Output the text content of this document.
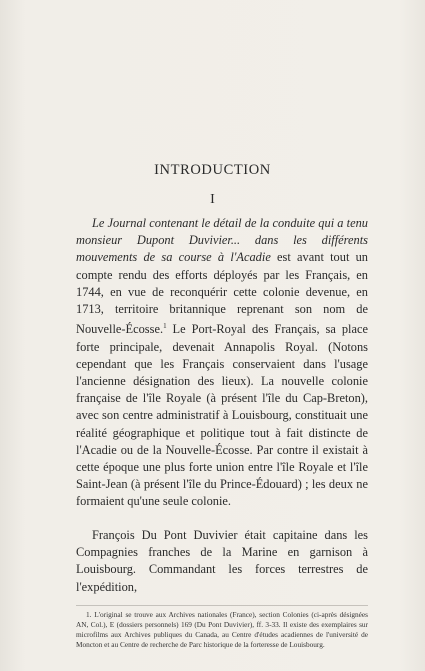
INTRODUCTION
I

Le Journal contenant le détail de la conduite qui a tenu monsieur Dupont Duvivier... dans les différents mouvements de sa course à l'Acadie est avant tout un compte rendu des efforts déployés par les Français, en 1744, en vue de reconquérir cette colonie devenue, en 1713, territoire britannique reprenant son nom de Nouvelle-Écosse.$^1$ Le Port-Royal des Français, sa place forte principale, devenait Annapolis Royal. (Notons cependant que les Français conservaient dans l'usage l'ancienne désignation des lieux). La nouvelle colonie française de l'île Royale (à présent l'île du Cap-Breton), avec son centre administratif à Louisbourg, constituait une réalité géographique et politique tout à fait distincte de l'Acadie ou de la Nouvelle-Écosse. Par contre il existait à cette époque une plus forte union entre l'île Royale et l'île Saint-Jean (à présent l'île du Prince-Édouard) ; les deux ne formaient qu'une seule colonie.

François Du Pont Duvivier était capitaine dans les Compagnies franches de la Marine en garnison à Louisbourg. Commandant les forces terrestres de l'expédition,

1. L'original se trouve aux Archives nationales (France), section Colonies (ci-après désignées AN, Col.), E (dossiers personnels) 169 (Du Pont Duvivier), ff. 3-33. Il existe des exemplaires sur microfilms aux Archives publiques du Canada, au Centre d'études acadiennes de l'université de Moncton et au Centre de recherche de Parc historique de la forteresse de Louisbourg.
